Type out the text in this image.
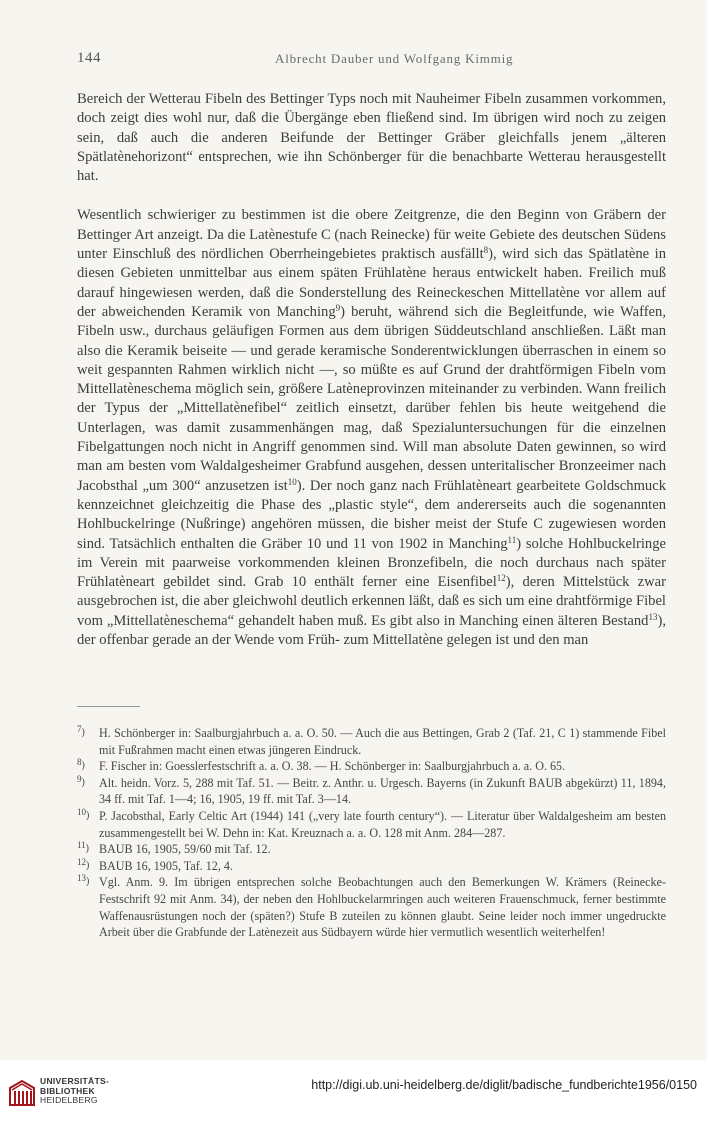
144	Albrecht Dauber und Wolfgang Kimmig

Bereich der Wetterau Fibeln des Bettinger Typs noch mit Nauheimer Fibeln zusammen vorkommen, doch zeigt dies wohl nur, daß die Übergänge eben fließend sind. Im übrigen wird noch zu zeigen sein, daß auch die anderen Beifunde der Bettinger Gräber gleichfalls jenem „älteren Spätlatènehorizont“ entsprechen, wie ihn Schönberger für die benachbarte Wetterau herausgestellt hat.

Wesentlich schwieriger zu bestimmen ist die obere Zeitgrenze, die den Beginn von Gräbern der Bettinger Art anzeigt. Da die Latènestufe C (nach Reinecke) für weite Gebiete des deutschen Südens unter Einschluß des nördlichen Oberrheingebietes praktisch ausfällt$^8$), wird sich das Spätlatène in diesen Gebieten unmittelbar aus einem späten Frühlatène heraus entwickelt haben. Freilich muß darauf hingewiesen werden, daß die Sonderstellung des Reineckeschen Mittellatène vor allem auf der abweichenden Keramik von Manching$^9$) beruht, während sich die Begleitfunde, wie Waffen, Fibeln usw., durchaus geläufigen Formen aus dem übrigen Süddeutschland anschließen. Läßt man also die Keramik beiseite — und gerade keramische Sonderentwicklungen überraschen in einem so weit gespannten Rahmen wirklich nicht —, so müßte es auf Grund der drahtförmigen Fibeln vom Mittellatèneschema möglich sein, größere Latèneprovinzen miteinander zu verbinden. Wann freilich der Typus der „Mittellatènefibel“ zeitlich einsetzt, darüber fehlen bis heute weitgehend die Unterlagen, was damit zusammenhängen mag, daß Spezialuntersuchungen für die einzelnen Fibelgattungen noch nicht in Angriff genommen sind. Will man absolute Daten gewinnen, so wird man am besten vom Waldalgesheimer Grabfund ausgehen, dessen unteritalischer Bronzeeimer nach Jacobsthal „um 300“ anzusetzen ist$^{10}$). Der noch ganz nach Frühlatèneart gearbeitete Goldschmuck kennzeichnet gleichzeitig die Phase des „plastic style“, dem andererseits auch die sogenannten Hohlbuckelringe (Nußringe) angehören müssen, die bisher meist der Stufe C zugewiesen worden sind. Tatsächlich enthalten die Gräber 10 und 11 von 1902 in Manching$^{11}$) solche Hohlbuckelringe im Verein mit paarweise vorkommenden kleinen Bronzefibeln, die noch durchaus nach später Frühlatèneart gebildet sind. Grab 10 enthält ferner eine Eisenfibel$^{12}$), deren Mittelstück zwar ausgebrochen ist, die aber gleichwohl deutlich erkennen läßt, daß es sich um eine drahtförmige Fibel vom „Mittellatèneschema“ gehandelt haben muß. Es gibt also in Manching einen älteren Bestand$^{13}$), der offenbar gerade an der Wende vom Früh- zum Mittellatène gelegen ist und den man

$^7$)	H. Schönberger in: Saalburgjahrbuch a. a. O. 50. — Auch die aus Bettingen, Grab 2 (Taf. 21, C 1) stammende Fibel mit Fußrahmen macht einen etwas jüngeren Eindruck.
$^8$)	F. Fischer in: Goesslerfestschrift a. a. O. 38. — H. Schönberger in: Saalburgjahrbuch a. a. O. 65.
$^9$)	Alt. heidn. Vorz. 5, 288 mit Taf. 51. — Beitr. z. Anthr. u. Urgesch. Bayerns (in Zukunft BAUB abgekürzt) 11, 1894, 34 ff. mit Taf. 1—4; 16, 1905, 19 ff. mit Taf. 3—14.
$^{10}$) P. Jacobsthal, Early Celtic Art (1944) 141 („very late fourth century“). — Literatur über Waldalgesheim am besten zusammengestellt bei W. Dehn in: Kat. Kreuznach a. a. O. 128 mit Anm. 284—287.
$^{11}$) BAUB 16, 1905, 59/60 mit Taf. 12.
$^{12}$) BAUB 16, 1905, Taf. 12, 4.
$^{13}$) Vgl. Anm. 9. Im übrigen entsprechen solche Beobachtungen auch den Bemerkungen W. Krämers (Reinecke-Festschrift 92 mit Anm. 34), der neben den Hohlbuckelarmringen auch weiteren Frauenschmuck, ferner bestimmte Waffenausrüstungen noch der (späten?) Stufe B zuteilen zu können glaubt. Seine leider noch immer ungedruckte Arbeit über die Grabfunde der Latènezeit aus Südbayern würde hier vermutlich wesentlich weiterhelfen!
UNIVERSITÄTS-
BIBLIOTHEK
HEIDELBERG
http://digi.ub.uni-heidelberg.de/diglit/badische_fundberichte1956/0150
